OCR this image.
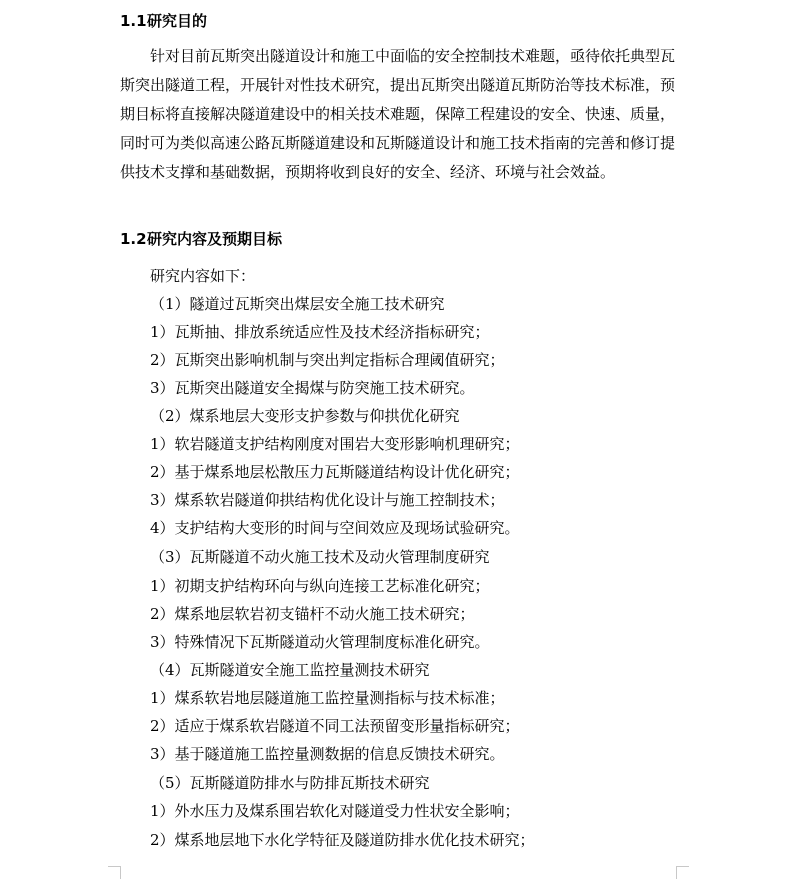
1.1研究目的
针对目前瓦斯突出隧道设计和施工中面临的安全控制技术难题，亟待依托典型瓦斯突出隧道工程，开展针对性技术研究，提出瓦斯突出隧道瓦斯防治等技术标准，预期目标将直接解决隧道建设中的相关技术难题，保障工程建设的安全、快速、质量，同时可为类似高速公路瓦斯隧道建设和瓦斯隧道设计和施工技术指南的完善和修订提供技术支撑和基础数据，预期将收到良好的安全、经济、环境与社会效益。
1.2研究内容及预期目标
研究内容如下：
（1）隧道过瓦斯突出煤层安全施工技术研究
1）瓦斯抽、排放系统适应性及技术经济指标研究；
2）瓦斯突出影响机制与突出判定指标合理阈值研究；
3）瓦斯突出隧道安全揭煤与防突施工技术研究。
（2）煤系地层大变形支护参数与仰拱优化研究
1）软岩隧道支护结构刚度对围岩大变形影响机理研究；
2）基于煤系地层松散压力瓦斯隧道结构设计优化研究；
3）煤系软岩隧道仰拱结构优化设计与施工控制技术；
4）支护结构大变形的时间与空间效应及现场试验研究。
（3）瓦斯隧道不动火施工技术及动火管理制度研究
1）初期支护结构环向与纵向连接工艺标准化研究；
2）煤系地层软岩初支锚杆不动火施工技术研究；
3）特殊情况下瓦斯隧道动火管理制度标准化研究。
（4）瓦斯隧道安全施工监控量测技术研究
1）煤系软岩地层隧道施工监控量测指标与技术标准；
2）适应于煤系软岩隧道不同工法预留变形量指标研究；
3）基于隧道施工监控量测数据的信息反馈技术研究。
（5）瓦斯隧道防排水与防排瓦斯技术研究
1）外水压力及煤系围岩软化对隧道受力性状安全影响；
2）煤系地层地下水化学特征及隧道防排水优化技术研究；
